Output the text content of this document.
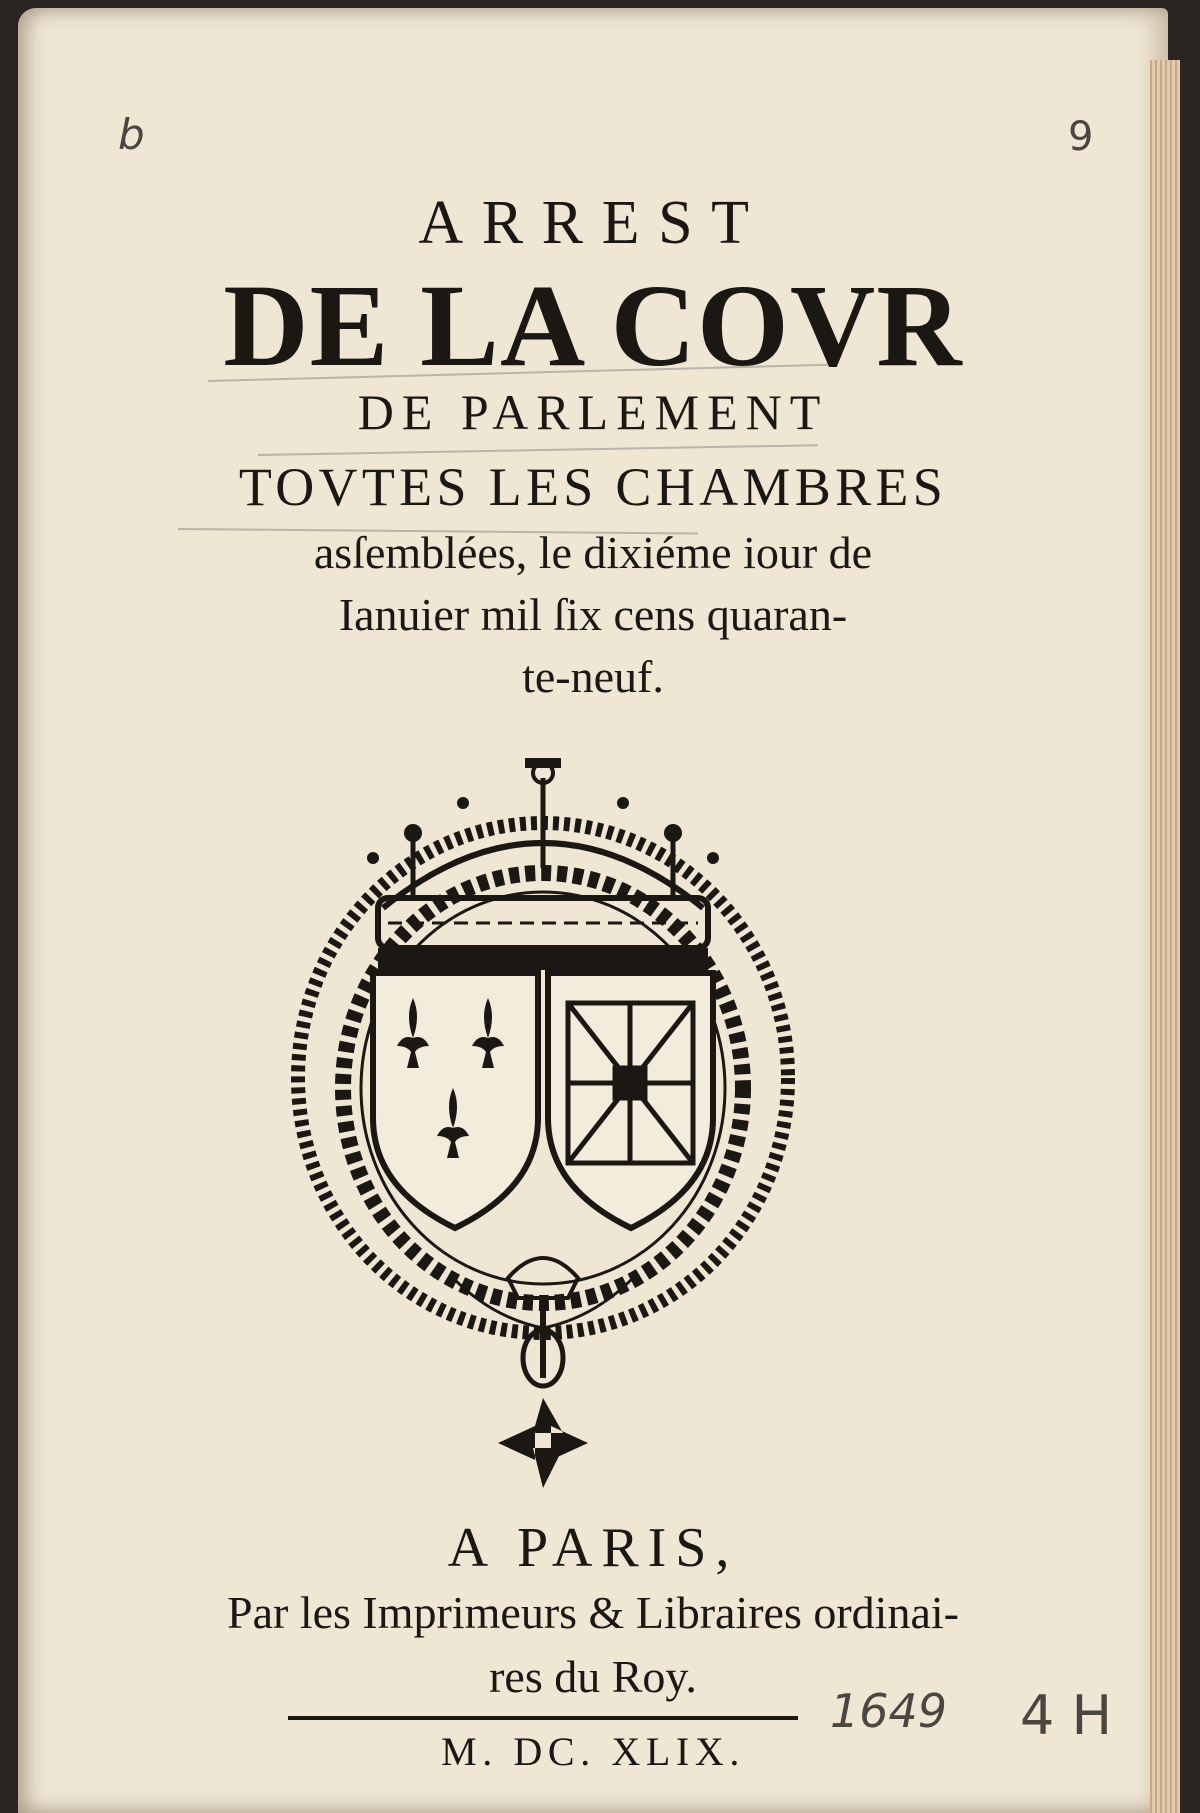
b	9
ARREST
DE LA COVR
DE PARLEMENT
TOVTES LES CHAMBRES
asſemblées, le dixiéme iour de
Ianuier mil ſix cens quaran-
te-neuf.
A PARIS,
Par les Imprimeurs & Libraires ordinai-
res du Roy.
M. DC. XLIX.
1649 4 H
